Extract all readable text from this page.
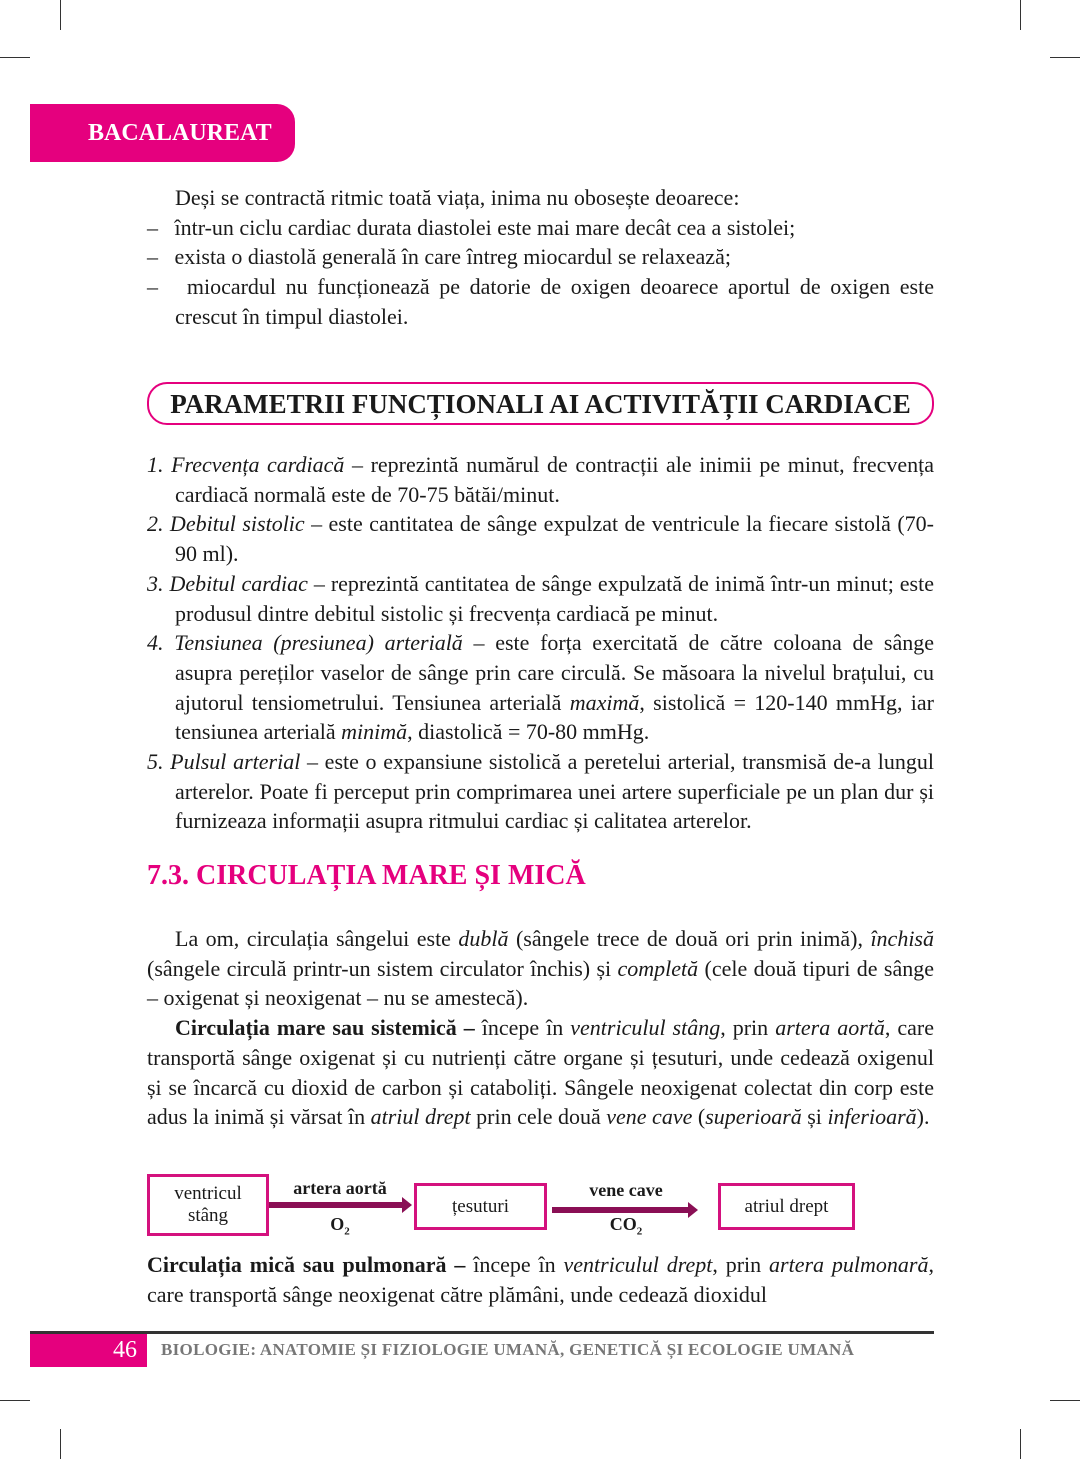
BACALAUREAT

Deși se contractă ritmic toată viața, inima nu obosește deoarece:

–   într-un ciclu cardiac durata diastolei este mai mare decât cea a sistolei;

–   exista o diastolă generală în care întreg miocardul se relaxează;

–   miocardul nu funcționează pe datorie de oxigen deoarece aportul de oxigen este crescut în timpul diastolei.

PARAMETRII FUNCȚIONALI AI ACTIVITĂȚII CARDIACE

1. Frecvența cardiacă – reprezintă numărul de contracții ale inimii pe minut, frecvența cardiacă normală este de 70-75 bătăi/minut.

2. Debitul sistolic – este cantitatea de sânge expulzat de ventricule la fiecare sistolă (70-90 ml).

3. Debitul cardiac – reprezintă cantitatea de sânge expulzată de inimă într-un minut; este produsul dintre debitul sistolic și frecvența cardiacă pe minut.

4. Tensiunea (presiunea) arterială – este forța exercitată de către coloana de sânge asupra pereților vaselor de sânge prin care circulă. Se măsoara la nivelul brațului, cu ajutorul tensiometrului. Tensiunea arterială maximă, sistolică = 120-140 mmHg, iar tensiunea arterială minimă, diastolică = 70-80 mmHg.

5. Pulsul arterial – este o expansiune sistolică a peretelui arterial, transmisă de-a lungul arterelor. Poate fi perceput prin comprimarea unei artere superficiale pe un plan dur și furnizeaza informații asupra ritmului cardiac și calitatea arterelor.

7.3. CIRCULAȚIA MARE ȘI MICĂ

La om, circulația sângelui este dublă (sângele trece de două ori prin inimă), închisă (sângele circulă printr-un sistem circulator închis) și completă (cele două tipuri de sânge – oxigenat și neoxigenat – nu se amestecă).

Circulația mare sau sistemică – începe în ventriculul stâng, prin artera aortă, care transportă sânge oxigenat și cu nutrienți către organe și țesuturi, unde cedează oxigenul și se încarcă cu dioxid de carbon și cataboliți. Sângele neoxigenat colectat din corp este adus la inimă și vărsat în atriul drept prin cele două vene cave (superioară și inferioară).

ventricul stâng
artera aortă
$O_2$
țesuturi
vene cave
$CO_2$
atriul drept

Circulația mică sau pulmonară – începe în ventriculul drept, prin artera pulmonară, care transportă sânge neoxigenat către plămâni, unde cedează dioxidul

46	BIOLOGIE: ANATOMIE ȘI FIZIOLOGIE UMANĂ, GENETICĂ ȘI ECOLOGIE UMANĂ
